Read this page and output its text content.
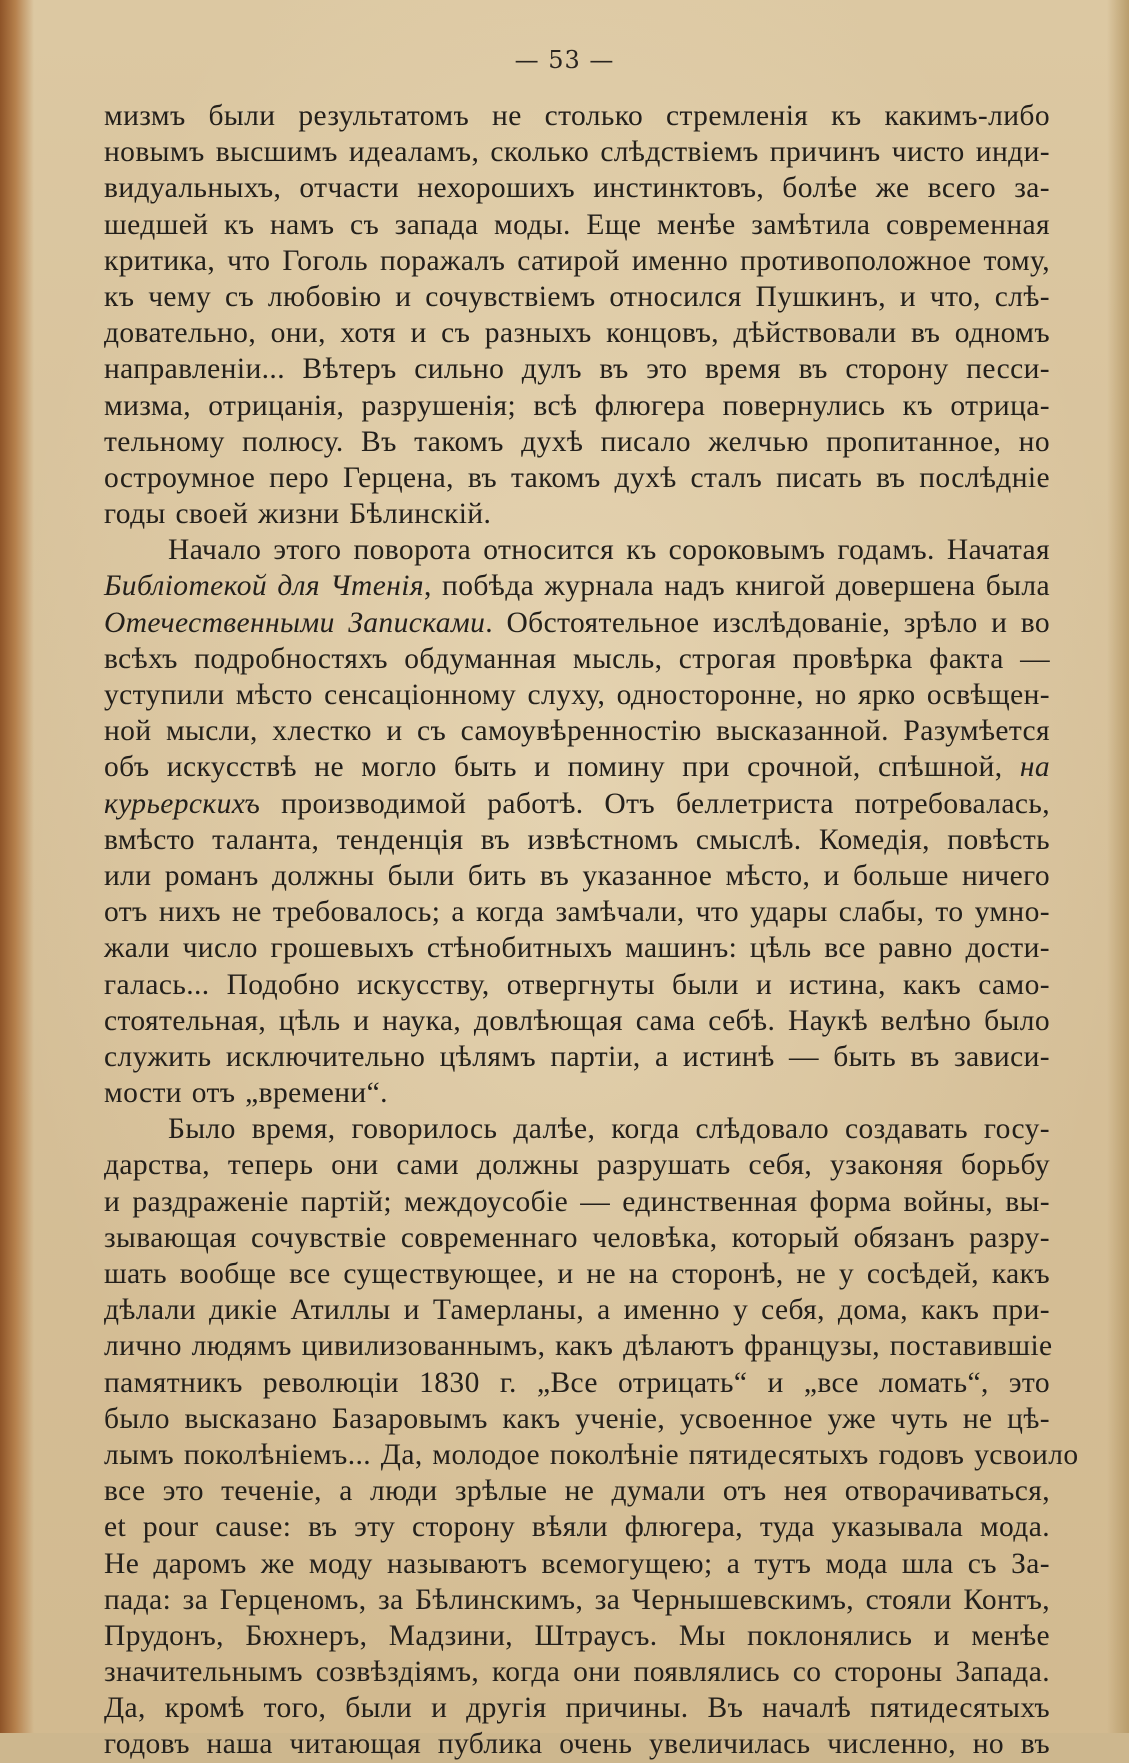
— 53 —
мизмъ были результатомъ не столько стремленія къ какимъ-либо
новымъ высшимъ идеаламъ, сколько слѣдствіемъ причинъ чисто инди-
видуальныхъ, отчасти нехорошихъ инстинктовъ, болѣе же всего за-
шедшей къ намъ съ запада моды. Еще менѣе замѣтила современная
критика, что Гоголь поражалъ сатирой именно противоположное тому,
къ чему съ любовію и сочувствіемъ относился Пушкинъ, и что, слѣ-
довательно, они, хотя и съ разныхъ концовъ, дѣйствовали въ одномъ
направленіи... Вѣтеръ сильно дулъ въ это время въ сторону песси-
мизма, отрицанія, разрушенія; всѣ флюгера повернулись къ отрица-
тельному полюсу. Въ такомъ духѣ писало желчью пропитанное, но
остроумное перо Герцена, въ такомъ духѣ сталъ писать въ послѣдніе
годы своей жизни Бѣлинскій.
Начало этого поворота относится къ сороковымъ годамъ. Начатая
Библіотекой для Чтенія, побѣда журнала надъ книгой довершена была
Отечественными Записками. Обстоятельное изслѣдованіе, зрѣло и во
всѣхъ подробностяхъ обдуманная мысль, строгая провѣрка факта —
уступили мѣсто сенсаціонному слуху, односторонне, но ярко освѣщен-
ной мысли, хлестко и съ самоувѣренностію высказанной. Разумѣется
объ искусствѣ не могло быть и помину при срочной, спѣшной, на
курьерскихъ производимой работѣ. Отъ беллетриста потребовалась,
вмѣсто таланта, тенденція въ извѣстномъ смыслѣ. Комедія, повѣсть
или романъ должны были бить въ указанное мѣсто, и больше ничего
отъ нихъ не требовалось; а когда замѣчали, что удары слабы, то умно-
жали число грошевыхъ стѣнобитныхъ машинъ: цѣль все равно дости-
галась... Подобно искусству, отвергнуты были и истина, какъ само-
стоятельная, цѣль и наука, довлѣющая сама себѣ. Наукѣ велѣно было
служить исключительно цѣлямъ партіи, а истинѣ — быть въ зависи-
мости отъ „времени“.
Было время, говорилось далѣе, когда слѣдовало создавать госу-
дарства, теперь они сами должны разрушать себя, узаконяя борьбу
и раздраженіе партій; междоусобіе — единственная форма войны, вы-
зывающая сочувствіе современнаго человѣка, который обязанъ разру-
шать вообще все существующее, и не на сторонѣ, не у сосѣдей, какъ
дѣлали дикіе Атиллы и Тамерланы, а именно у себя, дома, какъ при-
лично людямъ цивилизованнымъ, какъ дѣлаютъ французы, поставившіе
памятникъ революціи 1830 г. „Все отрицать“ и „все ломать“, это
было высказано Базаровымъ какъ ученіе, усвоенное уже чуть не цѣ-
лымъ поколѣніемъ... Да, молодое поколѣніе пятидесятыхъ годовъ усвоило
все это теченіе, а люди зрѣлые не думали отъ нея отворачиваться,
et pour cause: въ эту сторону вѣяли флюгера, туда указывала мода.
Не даромъ же моду называютъ всемогущею; а тутъ мода шла съ За-
пада: за Герценомъ, за Бѣлинскимъ, за Чернышевскимъ, стояли Контъ,
Прудонъ, Бюхнеръ, Мадзини, Штраусъ. Мы поклонялись и менѣе
значительнымъ созвѣздіямъ, когда они появлялись со стороны Запада.
Да, кромѣ того, были и другія причины. Въ началѣ пятидесятыхъ
годовъ наша читающая публика очень увеличилась численно, но въ
